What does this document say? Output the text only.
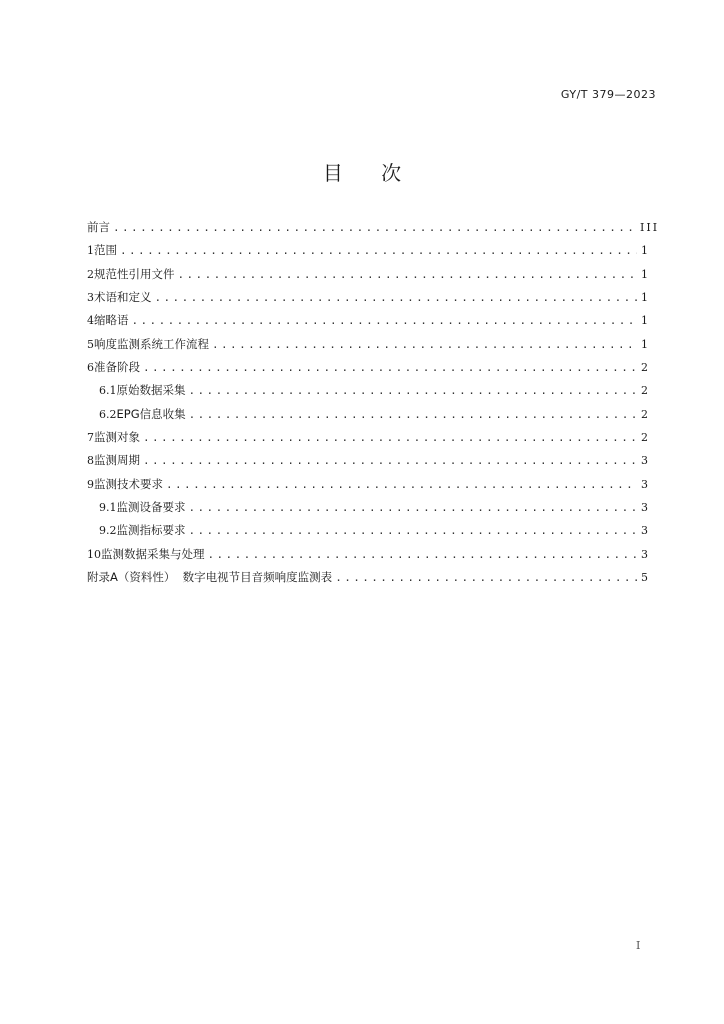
GY/T 379—2023
目 次
前言 .....	III
1 范围 .....	1
2 规范性引用文件 .....	1
3 术语和定义 .....	1
4 缩略语 .....	1
5 响度监测系统工作流程 .....	1
6 准备阶段 .....	2
6.1 原始数据采集 .....	2
6.2 EPG信息收集 .....	2
7 监测对象 .....	2
8 监测周期 .....	3
9 监测技术要求 .....	3
9.1 监测设备要求 .....	3
9.2 监测指标要求 .....	3
10 监测数据采集与处理 .....	3
附录A（资料性）  数字电视节目音频响度监测表 .....	5
I
